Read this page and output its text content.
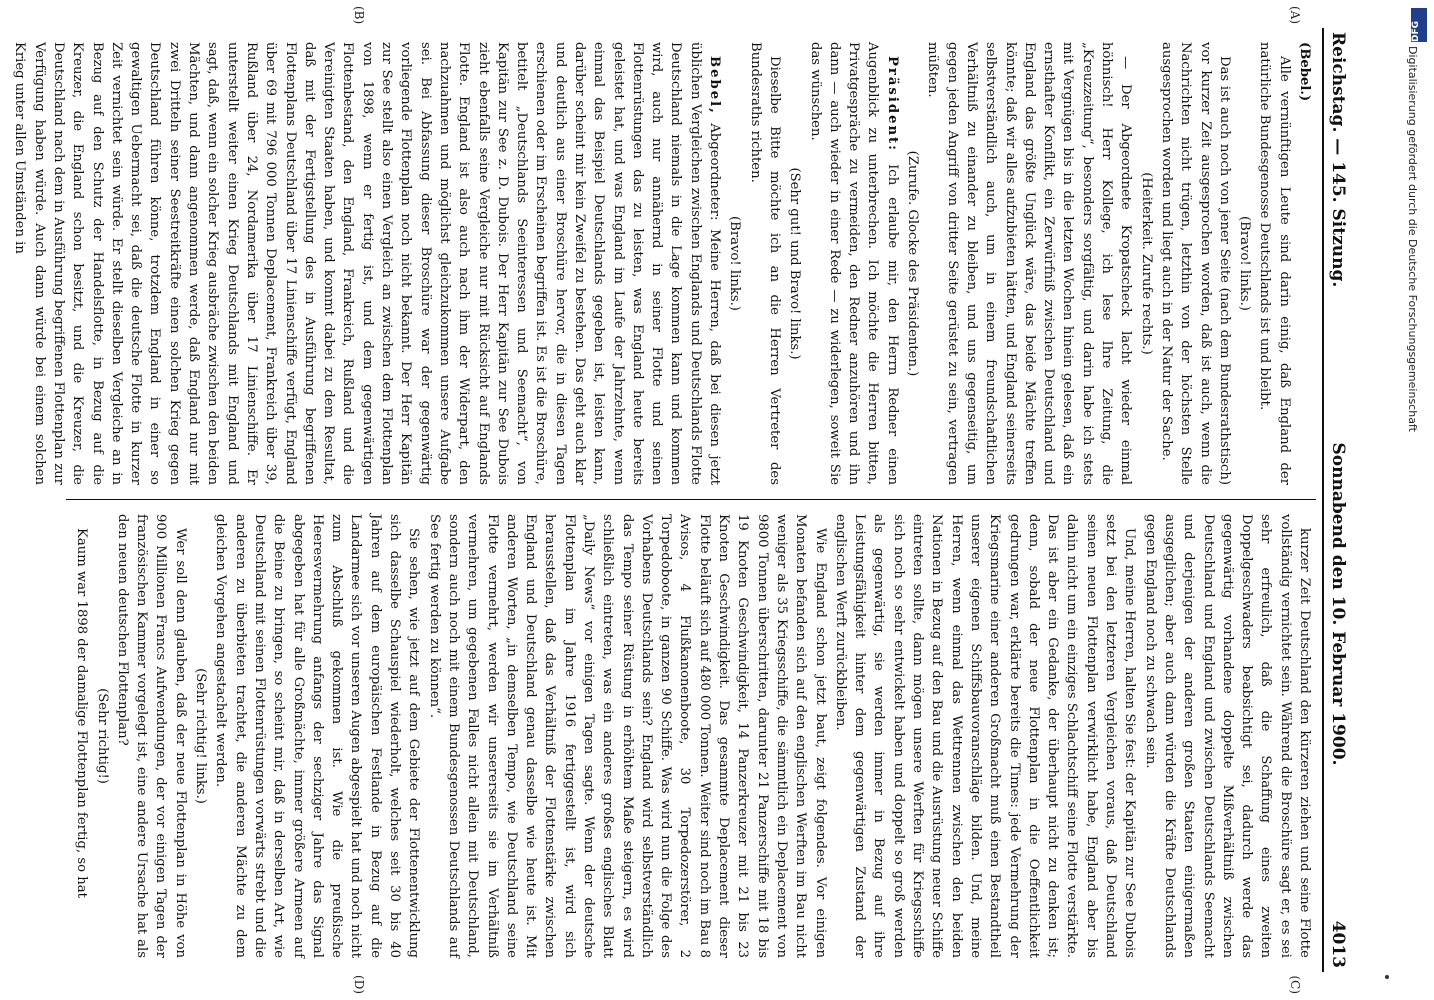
Reichstag. — 145. Sitzung.
Sonnabend den 10. Februar 1900.
4013
(A)
(B)
(C)
(D)

(Bebel.)

Alle vernünftigen Leute sind darin einig, daß England der natürliche Bundesgenosse Deutschlands ist und bleibt.

(Bravo! links.)

Das ist auch noch von jener Seite (nach dem Bundesrathstisch) vor kurzer Zeit ausgesprochen worden, daß ist auch, wenn die Nachrichten nicht trügen, letzthin von der höchsten Stelle ausgesprochen worden und liegt auch in der Natur der Sache.

(Heiterkeit. Zurufe rechts.)

— Der Abgeordnete Kropatscheck lacht wieder einmal höhnisch! Herr Kollege, ich lese Ihre Zeitung, die „Kreuzzeitung“, besonders sorgfältig, und darin habe ich stets mit Vergnügen bis in die letzten Wochen hinein gelesen, daß ein ernsthafter Konflikt, ein Zerwürfniß zwischen Deutschland und England das größte Unglück wäre, das beide Mächte treffen könnte; daß wir alles aufzubieten hätten, und England seinerseits selbstverständlich auch, um in einem freundschaftlichen Verhältniß zu einander zu bleiben, und uns gegenseitig, um gegen jeden Angriff von dritter Seite gerüstet zu sein, vertragen müßten.

(Zurufe. Glocke des Präsidenten.)

Präsident: Ich erlaube mir, den Herrn Redner einen Augenblick zu unterbrechen. Ich möchte die Herren bitten, Privatgespräche zu vermeiden, den Redner anzuhören und ihn dann — auch wieder in einer Rede — zu widerlegen, soweit Sie das wünschen.

(Sehr gut! und Bravo! links.)

Dieselbe Bitte möchte ich an die Herren Vertreter des Bundesraths richten.

(Bravo! links.)

Bebel, Abgeordneter: Meine Herren, daß bei diesen jetzt üblichen Vergleichen zwischen Englands und Deutschlands Flotte Deutschland niemals in die Lage kommen kann und kommen wird, auch nur annähernd in seiner Flotte und seinen Flottenrüstungen das zu leisten, was England heute bereits geleistet hat, und was England im Laufe der Jahrzehnte, wenn einmal das Beispiel Deutschlands gegeben ist, leisten kann, darüber scheint mir kein Zweifel zu bestehen. Das geht auch klar und deutlich aus einer Broschüre hervor, die in diesen Tagen erschienen oder im Erscheinen begriffen ist. Es ist die Broschüre, betitelt „Deutschlands Seeinteressen und Seemacht“, von Kapitän zur See z. D. Dubois. Der Herr Kapitän zur See Dubois zieht ebenfalls seine Vergleiche nur mit Rücksicht auf Englands Flotte. England ist also auch nach ihm der Widerpart, den nachzuahmen und möglichst gleichzukommen unsere Aufgabe sei. Bei Abfassung dieser Broschüre war der gegenwärtig vorliegende Flottenplan noch nicht bekannt. Der Herr Kapitän zur See stellt also einen Vergleich an zwischen dem Flottenplan von 1898, wenn er fertig ist, und dem gegenwärtigen Flottenbestand, den England, Frankreich, Rußland und die Vereinigten Staaten haben, und kommt dabei zu dem Resultat, daß mit der Fertigstellung des in Ausführung begriffenen Flottenplans Deutschland über 17 Linienschiffe verfügt, England über 69 mit 796 000 Tonnen Deplacement, Frankreich über 39, Rußland über 24, Nordamerika über 17 Linienschiffe. Er unterstellt weiter einen Krieg Deutschlands mit England und sagt, daß, wenn ein solcher Krieg ausbräche zwischen den beiden Mächten, und dann angenommen werde, daß England nur mit zwei Dritteln seiner Seestreitkräfte einen solchen Krieg gegen Deutschland führen könne, trotzdem England in einer so gewaltigen Uebermacht sei, daß die deutsche Flotte in kurzer Zeit vernichtet sein würde. Er stellt dieselben Vergleiche an in Bezug auf den Schutz der Handelsflotte, in Bezug auf die Kreuzer, die England schon besitzt, und die Kreuzer, die Deutschland nach dem in Ausführung begriffenen Flottenplan zur Verfügung haben würde. Auch dann würde bei einem solchen Krieg unter allen Umständen in

kurzer Zeit Deutschland den kürzeren ziehen und seine Flotte vollständig vernichtet sein. Während die Broschüre sagt er, es sei sehr erfreulich, daß die Schaffung eines zweiten Doppelgeschwaders beabsichtigt sei, dadurch werde das gegenwärtig vorhandene doppelte Mißverhältniß zwischen Deutschland und England und zwischen Deutschlands Seemacht und derjenigen der anderen großen Staaten einigermaßen ausgeglichen; aber auch dann würden die Kräfte Deutschlands gegen England noch zu schwach sein.

Und, meine Herren, halten Sie fest: der Kapitän zur See Dubois setzt bei den letzteren Vergleichen voraus, daß Deutschland seinen neuen Flottenplan verwirklicht habe, England aber bis dahin nicht um ein einziges Schlachtschiff seine Flotte verstärkte. Das ist aber ein Gedanke, der überhaupt nicht zu denken ist; denn, sobald der neue Flottenplan in die Oeffentlichkeit gedrungen war, erklärte bereits die Times: jede Vermehrung der Kriegsmarine einer anderen Großmacht muß einen Bestandtheil unserer eigenen Schiffsbauvoranschläge bilden. Und, meine Herren, wenn einmal das Wettrennen zwischen den beiden Nationen in Bezug auf den Bau und die Ausrüstung neuer Schiffe eintreten sollte, dann mögen unsere Werften für Kriegsschiffe sich noch so sehr entwickelt haben und doppelt so groß werden als gegenwärtig, sie werden immer in Bezug auf ihre Leistungsfähigkeit hinter dem gegenwärtigen Zustand der englischen Werft zurückbleiben.

Wie England schon jetzt baut, zeigt folgendes. Vor einigen Monaten befanden sich auf den englischen Werften im Bau nicht weniger als 35 Kriegsschiffe, die sämmtlich ein Deplacement von 9800 Tonnen überschritten, darunter 21 Panzerschiffe mit 18 bis 19 Knoten Geschwindigkeit, 14 Panzerkreuzer mit 21 bis 23 Knoten Geschwindigkeit. Das gesammte Deplacement dieser Flotte beläuft sich auf 480 000 Tonnen. Weiter sind noch im Bau 8 Avisos, 4 Flußkanonenboote, 30 Torpedozerstörer, 2 Torpedoboote, in ganzen 90 Schiffe. Was wird nun die Folge des Vorhabens Deutschlands sein? England wird selbstverständlich das Tempo seiner Rüstung in erhöhtem Maße steigern, es wird schließlich eintreten, was ein anderes großes englisches Blatt „Daily News“ vor einigen Tagen sagte. Wenn der deutsche Flottenplan im Jahre 1916 fertiggestellt ist, wird sich herausstellen, daß das Verhältniß der Flottenstärke zwischen England und Deutschland genau dasselbe wie heute ist. Mit anderen Worten, „in demselben Tempo, wie Deutschland seine Flotte vermehrt, werden wir unsererseits sie im Verhältniß vermehren, um gegebenen Falles nicht allein mit Deutschland, sondern auch noch mit einem Bundesgenossen Deutschlands auf See fertig werden zu können“.

Sie sehen, wie jetzt auf dem Gebiete der Flottenentwicklung sich dasselbe Schauspiel wiederholt, welches seit 30 bis 40 Jahren auf dem europäischen Festlande in Bezug auf die Landarmee sich vor unseren Augen abgespielt hat und noch nicht zum Abschluß gekommen ist. Wie die preußische Heeresvermehrung anfangs der sechziger Jahre das Signal abgegeben hat für alle Großmächte, immer größere Armeen auf die Beine zu bringen, so scheint mir, daß in derselben Art, wie Deutschland mit seinen Flottenrüstungen vorwärts strebt und die anderen zu überbieten trachtet, die anderen Mächte zu dem gleichen Vorgehen angestachelt werden.

(Sehr richtig! links.)

Wer soll denn glauben, daß der neue Flottenplan in Höhe von 900 Millionen Francs Aufwendungen, der vor einigen Tagen der französischen Kammer vorgelegt ist, eine andere Ursache hat als den neuen deutschen Flottenplan?

(Sehr richtig!)

Kaum war 1898 der damalige Flottenplan fertig, so hat

DFG
Digitalisierung gefördert durch die Deutsche Forschungsgemeinschaft
